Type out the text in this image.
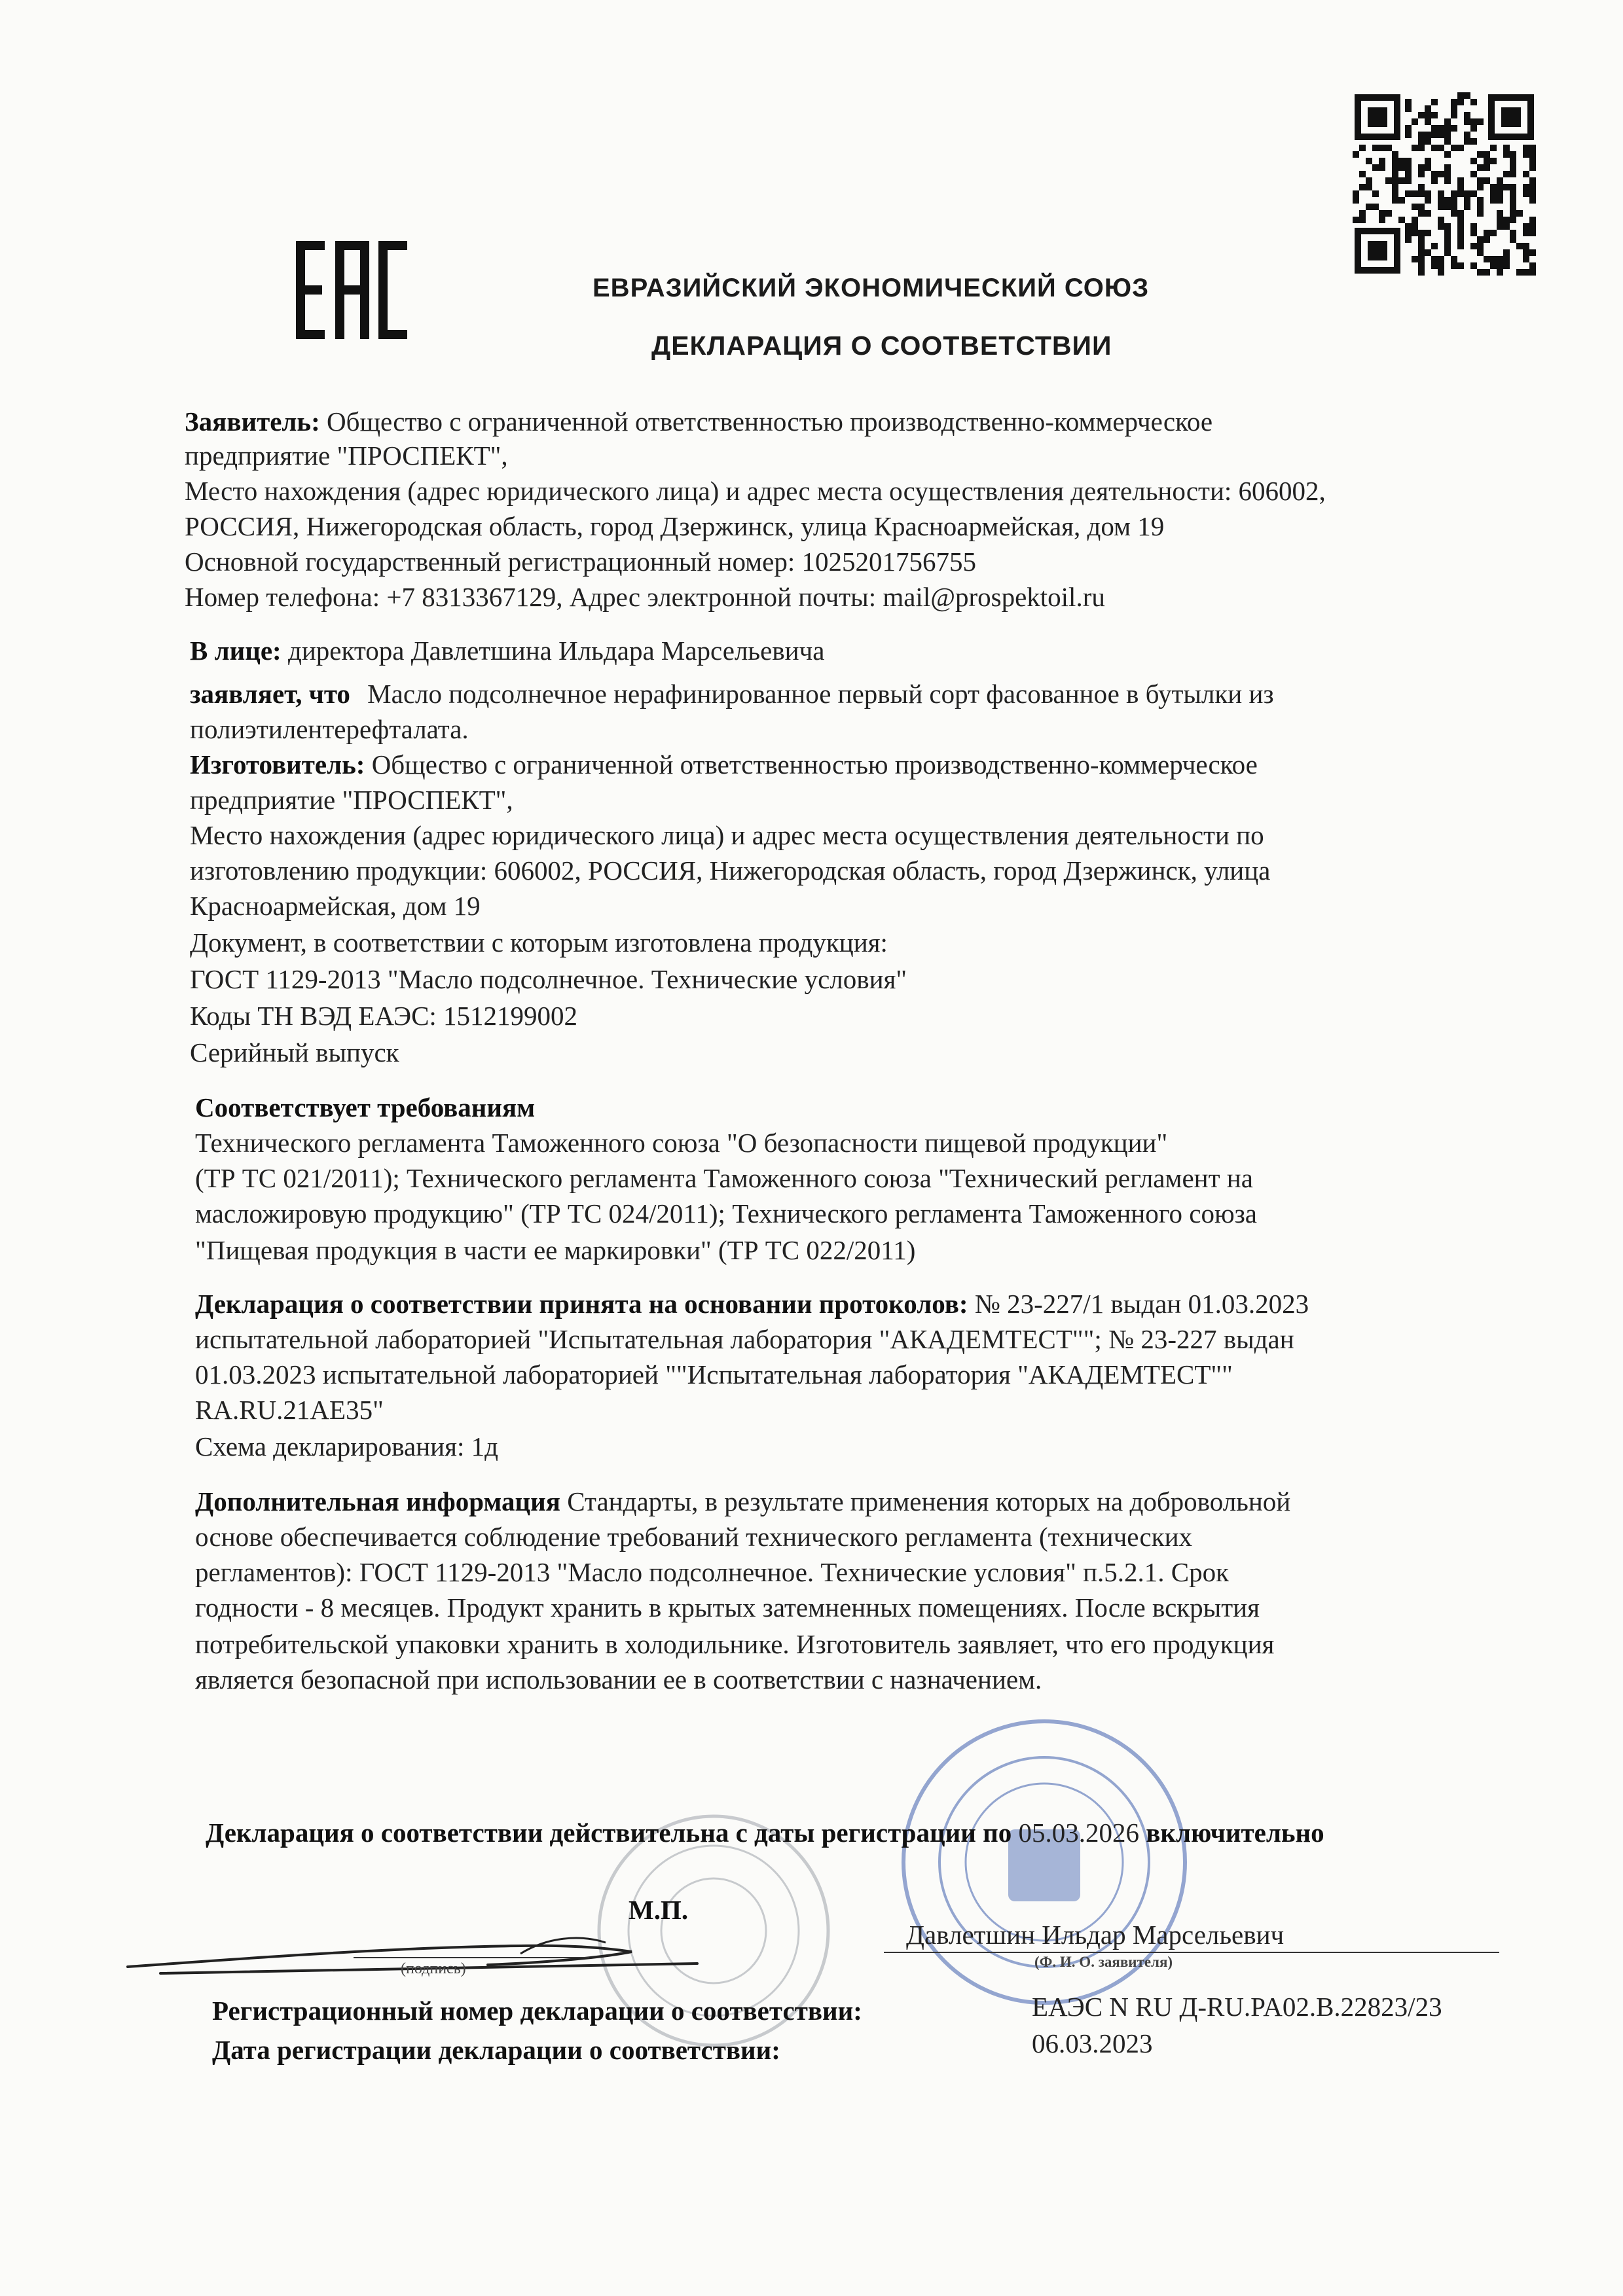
ЕВРАЗИЙСКИЙ ЭКОНОМИЧЕСКИЙ СОЮЗ
ДЕКЛАРАЦИЯ О СООТВЕТСТВИИ
Заявитель: Общество с ограниченной ответственностью производственно-коммерческое
предприятие "ПРОСПЕКТ",
Место нахождения (адрес юридического лица) и адрес места осуществления деятельности: 606002,
РОССИЯ, Нижегородская область, город Дзержинск, улица Красноармейская, дом 19
Основной государственный регистрационный номер: 1025201756755
Номер телефона: +7 8313367129, Адрес электронной почты: mail@prospektoil.ru
В лице: директора Давлетшина Ильдара Марсельевича
заявляет, что Масло подсолнечное нерафинированное первый сорт фасованное в бутылки из
полиэтилентерефталата.
Изготовитель: Общество с ограниченной ответственностью производственно-коммерческое
предприятие "ПРОСПЕКТ",
Место нахождения (адрес юридического лица) и адрес места осуществления деятельности по
изготовлению продукции: 606002, РОССИЯ, Нижегородская область, город Дзержинск, улица
Красноармейская, дом 19
Документ, в соответствии с которым изготовлена продукция:
ГОСТ 1129-2013 "Масло подсолнечное. Технические условия"
Коды ТН ВЭД ЕАЭС: 1512199002
Серийный выпуск
Соответствует требованиям
Технического регламента Таможенного союза "О безопасности пищевой продукции"
(ТР ТС 021/2011); Технического регламента Таможенного союза "Технический регламент на
масложировую продукцию" (ТР ТС 024/2011); Технического регламента Таможенного союза
"Пищевая продукция в части ее маркировки" (ТР ТС 022/2011)
Декларация о соответствии принята на основании протоколов: № 23-227/1 выдан 01.03.2023
испытательной лабораторией "Испытательная лаборатория "АКАДЕМТЕСТ""; № 23-227 выдан
01.03.2023 испытательной лабораторией ""Испытательная лаборатория "АКАДЕМТЕСТ""
RA.RU.21AE35"
Схема декларирования: 1д
Дополнительная информация Стандарты, в результате применения которых на добровольной
основе обеспечивается соблюдение требований технического регламента (технических
регламентов): ГОСТ 1129-2013 "Масло подсолнечное. Технические условия" п.5.2.1. Срок
годности - 8 месяцев. Продукт хранить в крытых затемненных помещениях. После вскрытия
потребительской упаковки хранить в холодильнике. Изготовитель заявляет, что его продукция
является безопасной при использовании ее в соответствии с назначением.
Декларация о соответствии действительна с даты регистрации по 05.03.2026 включительно
М.П.
(подпись)
Давлетшин Ильдар Марсельевич
(Ф. И. О. заявителя)
Регистрационный номер декларации о соответствии:	ЕАЭС N RU Д-RU.PA02.B.22823/23
Дата регистрации декларации о соответствии:	06.03.2023
